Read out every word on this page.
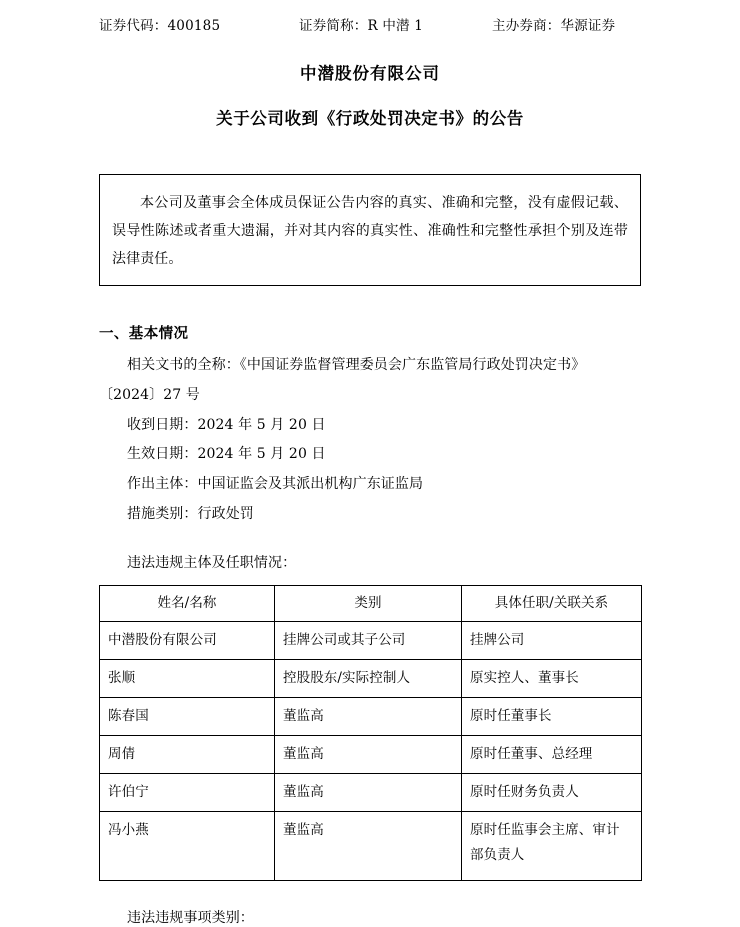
证券代码：400185	证券简称：R 中潜 1	主办券商：华源证券
中潜股份有限公司
关于公司收到《行政处罚决定书》的公告

本公司及董事会全体成员保证公告内容的真实、准确和完整，没有虚假记载、误导性陈述或者重大遗漏，并对其内容的真实性、准确性和完整性承担个别及连带法律责任。

一、基本情况

相关文书的全称：《中国证券监督管理委员会广东监管局行政处罚决定书》

〔2024〕27 号

收到日期：2024 年 5 月 20 日

生效日期：2024 年 5 月 20 日

作出主体：中国证监会及其派出机构广东证监局

措施类别：行政处罚

违法违规主体及任职情况：

姓名/名称	类别	具体任职/关联关系
中潜股份有限公司	挂牌公司或其子公司	挂牌公司
张顺	控股股东/实际控制人	原实控人、董事长
陈春国	董监高	原时任董事长
周倩	董监高	原时任董事、总经理
许伯宁	董监高	原时任财务负责人
冯小燕	董监高	原时任监事会主席、审计部负责人
违法违规事项类别：
